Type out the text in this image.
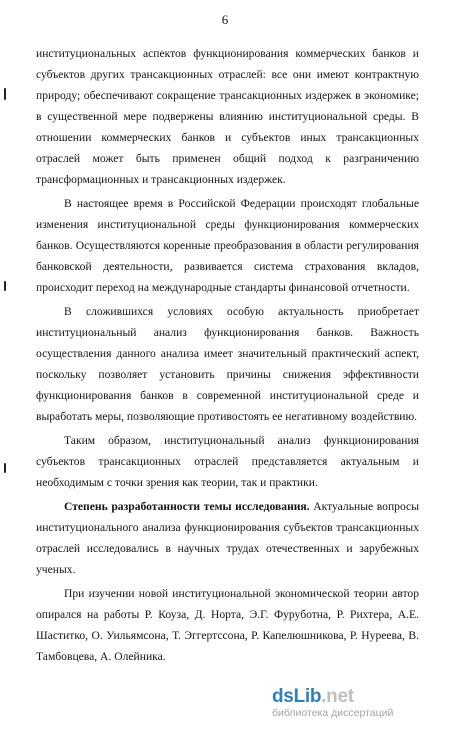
6
институциональных аспектов функционирования коммерческих банков и
субъектов других трансакционных отраслей: все они имеют контрактную
природу; обеспечивают сокращение трансакционных издержек в экономике;
в существенной мере подвержены влиянию институциональной среды. В
отношении коммерческих банков и субъектов иных трансакционных
отраслей может быть применен общий подход к разграничению
трансформационных и трансакционных издержек.
В настоящее время в Российской Федерации происходят глобальные
изменения институциональной среды функционирования коммерческих
банков. Осуществляются коренные преобразования в области регулирования
банковской деятельности, развивается система страхования вкладов,
происходит переход на международные стандарты финансовой отчетности.
В сложившихся условиях особую актуальность приобретает
институциональный анализ функционирования банков. Важность
осуществления данного анализа имеет значительный практический аспект,
поскольку позволяет установить причины снижения эффективности
функционирования банков в современной институциональной среде и
выработать меры, позволяющие противостоять ее негативному воздействию.
Таким образом, институциональный анализ функционирования
субъектов трансакционных отраслей представляется актуальным и
необходимым с точки зрения как теории, так и практики.
Степень разработанности темы исследования. Актуальные вопросы
институционального анализа функционирования субъектов трансакционных
отраслей исследовались в научных трудах отечественных и зарубежных
ученых.
При изучении новой институциональной экономической теории автор
опирался на работы Р. Коуза, Д. Норта, Э.Г. Фуруботна, Р. Рихтера, А.Е.
Шаститко, О. Уильямсона, Т. Эггертссона, Р. Капелюшникова, Р. Нуреева, В.
Тамбовцева, А. Олейника.
dsLib.net
библиотека диссертаций
